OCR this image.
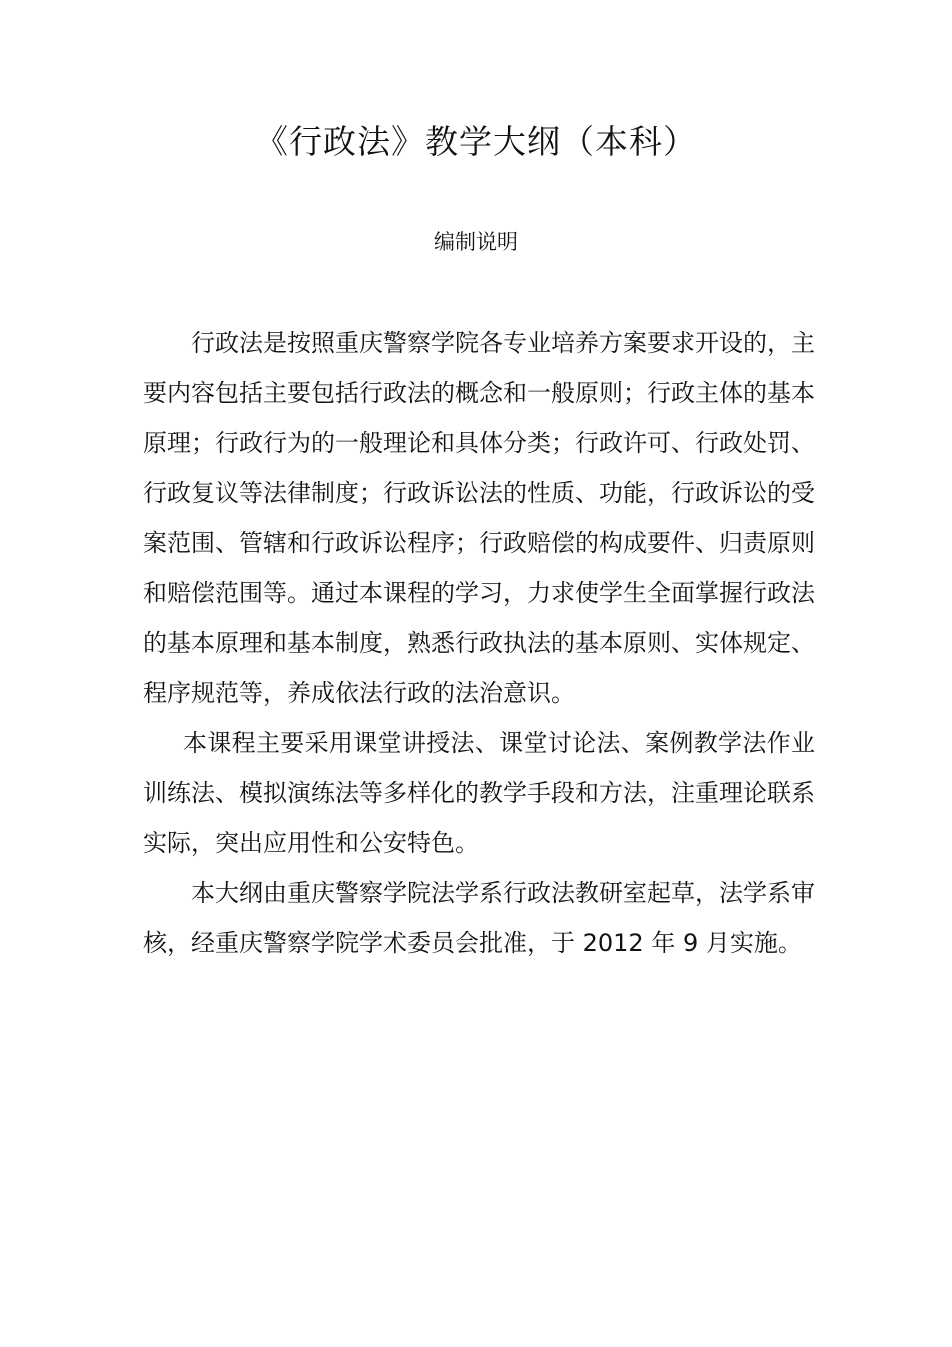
《行政法》教学大纲（本科）
编制说明

行政法是按照重庆警察学院各专业培养方案要求开设的，主要内容包括主要包括行政法的概念和一般原则；行政主体的基本原理；行政行为的一般理论和具体分类；行政许可、行政处罚、行政复议等法律制度；行政诉讼法的性质、功能，行政诉讼的受案范围、管辖和行政诉讼程序；行政赔偿的构成要件、归责原则和赔偿范围等。通过本课程的学习，力求使学生全面掌握行政法的基本原理和基本制度，熟悉行政执法的基本原则、实体规定、程序规范等，养成依法行政的法治意识。

本课程主要采用课堂讲授法、课堂讨论法、案例教学法作业训练法、模拟演练法等多样化的教学手段和方法，注重理论联系实际，突出应用性和公安特色。

本大纲由重庆警察学院法学系行政法教研室起草，法学系审核，经重庆警察学院学术委员会批准，于 2012 年 9 月实施。
